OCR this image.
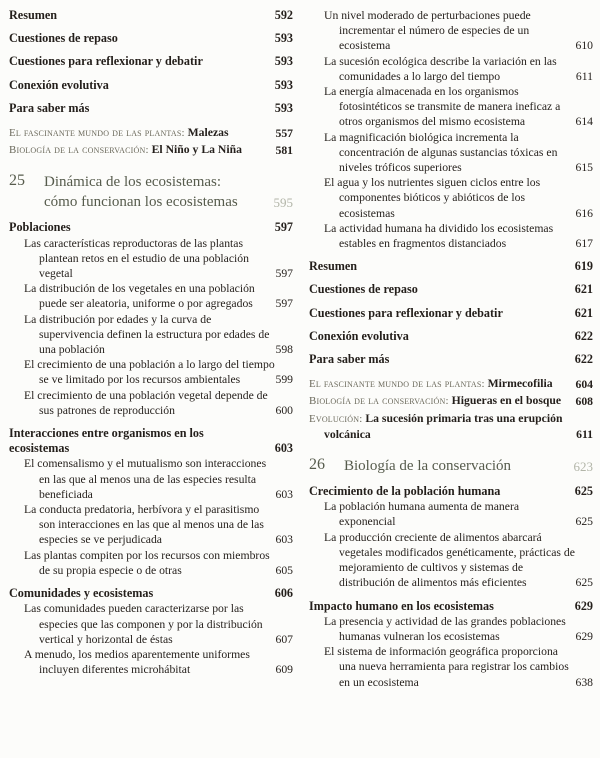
Resumen	592
Cuestiones de repaso	593
Cuestiones para reflexionar y debatir	593
Conexión evolutiva	593
Para saber más	593
El fascinante mundo de las plantas: Malezas	557
Biología de la conservación: El Niño y La Niña	581
25	Dinámica de los ecosistemas: cómo funcionan los ecosistemas	595
Poblaciones	597
Las características reproductoras de las plantas plantean retos en el estudio de una población vegetal	597
La distribución de los vegetales en una población puede ser aleatoria, uniforme o por agregados 597
La distribución por edades y la curva de supervivencia definen la estructura por edades de una población	598
El crecimiento de una población a lo largo del tiempo se ve limitado por los recursos ambientales	599
El crecimiento de una población vegetal depende de sus patrones de reproducción	600
Interacciones entre organismos en los ecosistemas	603
El comensalismo y el mutualismo son interacciones en las que al menos una de las especies resulta beneficiada	603
La conducta predatoria, herbívora y el parasitismo son interacciones en las que al menos una de las especies se ve perjudicada	603
Las plantas compiten por los recursos con miembros de su propia especie o de otras	605
Comunidades y ecosistemas	606
Las comunidades pueden caracterizarse por las especies que las componen y por la distribución vertical y horizontal de éstas	607
A menudo, los medios aparentemente uniformes incluyen diferentes microhábitat	609
Un nivel moderado de perturbaciones puede incrementar el número de especies de un ecosistema	610
La sucesión ecológica describe la variación en las comunidades a lo largo del tiempo	611
La energía almacenada en los organismos fotosintéticos se transmite de manera ineficaz a otros organismos del mismo ecosistema	614
La magnificación biológica incrementa la concentración de algunas sustancias tóxicas en niveles tróficos superiores	615
El agua y los nutrientes siguen ciclos entre los componentes bióticos y abióticos de los ecosistemas	616
La actividad humana ha dividido los ecosistemas estables en fragmentos distanciados	617
Resumen	619
Cuestiones de repaso	621
Cuestiones para reflexionar y debatir	621
Conexión evolutiva	622
Para saber más	622
El fascinante mundo de las plantas: Mirmecofilia 604
Biología de la conservación: Higueras en el bosque 608
Evolución: La sucesión primaria tras una erupción volcánica	611
26	Biología de la conservación	623
Crecimiento de la población humana	625
La población humana aumenta de manera exponencial	625
La producción creciente de alimentos abarcará vegetales modificados genéticamente, prácticas de mejoramiento de cultivos y sistemas de distribución de alimentos más eficientes	625
Impacto humano en los ecosistemas	629
La presencia y actividad de las grandes poblaciones humanas vulneran los ecosistemas	629
El sistema de información geográfica proporciona una nueva herramienta para registrar los cambios en un ecosistema	638
